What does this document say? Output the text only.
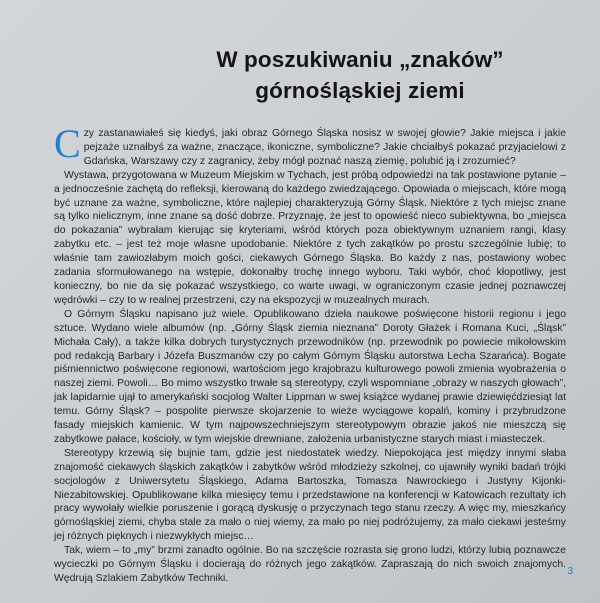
W poszukiwaniu „znaków”
górnośląskiej ziemi

Czy zastanawiałeś się kiedyś, jaki obraz Górnego Śląska nosisz w swojej głowie? Jakie miejsca i jakie pejzaże uznałbyś za ważne, znaczące, ikoniczne, symboliczne? Jakie chciałbyś pokazać przyjacielowi z Gdańska, Warszawy czy z zagranicy, żeby mógł poznać naszą ziemię, polubić ją i zrozumieć?

Wystawa, przygotowana w Muzeum Miejskim w Tychach, jest próbą odpowiedzi na tak postawione pytanie – a jednocześnie zachętą do refleksji, kierowaną do każdego zwiedzającego. Opowiada o miejscach, które mogą być uznane za ważne, symboliczne, które najlepiej charakteryzują Górny Śląsk. Niektóre z tych miejsc znane są tylko nielicznym, inne znane są dość dobrze. Przyznaję, że jest to opowieść nieco subiektywna, bo „miejsca do pokazania” wybrałam kierując się kryteriami, wśród których poza obiektywnym uznaniem rangi, klasy zabytku etc. – jest też moje własne upodobanie. Niektóre z tych zakątków po prostu szczególnie lubię; to właśnie tam zawiozłabym moich gości, ciekawych Górnego Śląska. Bo każdy z nas, postawiony wobec zadania sformułowanego na wstępie, dokonałby trochę innego wyboru. Taki wybór, choć kłopotliwy, jest konieczny, bo nie da się pokazać wszystkiego, co warte uwagi, w ograniczonym czasie jednej poznawczej wędrówki – czy to w realnej przestrzeni, czy na ekspozycji w muzealnych murach.

O Górnym Śląsku napisano już wiele. Opublikowano dzieła naukowe poświęcone historii regionu i jego sztuce. Wydano wiele albumów (np. „Górny Śląsk ziemia nieznana” Doroty Głażek i Romana Kuci, „Śląsk” Michała Cały), a także kilka dobrych turystycznych przewodników (np. przewodnik po powiecie mikołowskim pod redakcją Barbary i Józefa Buszmanów czy po całym Górnym Śląsku autorstwa Lecha Szarańca). Bogate piśmiennictwo poświęcone regionowi, wartościom jego krajobrazu kulturowego powoli zmienia wyobrażenia o naszej ziemi. Powoli… Bo mimo wszystko trwałe są stereotypy, czyli wspomniane „obrazy w naszych głowach”, jak lapidarnie ujął to amerykański socjolog Walter Lippman w swej książce wydanej prawie dziewięćdziesiąt lat temu. Górny Śląsk? – pospolite pierwsze skojarzenie to wieże wyciągowe kopalń, kominy i przybrudzone fasady miejskich kamienic. W tym najpowszechniejszym stereotypowym obrazie jakoś nie mieszczą się zabytkowe pałace, kościoły, w tym wiejskie drewniane, założenia urbanistyczne starych miast i miasteczek.

Stereotypy krzewią się bujnie tam, gdzie jest niedostatek wiedzy. Niepokojąca jest między innymi słaba znajomość ciekawych śląskich zakątków i zabytków wśród młodzieży szkolnej, co ujawniły wyniki badań trójki socjologów z Uniwersytetu Śląskiego, Adama Bartoszka, Tomasza Nawrockiego i Justyny Kijonki-Niezabitowskiej. Opublikowane kilka miesięcy temu i przedstawione na konferencji w Katowicach rezultaty ich pracy wywołały wielkie poruszenie i gorącą dyskusję o przyczynach tego stanu rzeczy. A więc my, mieszkańcy górnośląskiej ziemi, chyba stale za mało o niej wiemy, za mało po niej podróżujemy, za mało ciekawi jesteśmy jej różnych pięknych i niezwykłych miejsc…

Tak, wiem – to „my” brzmi zanadto ogólnie. Bo na szczęście rozrasta się grono ludzi, którzy lubią poznawcze wycieczki po Górnym Śląsku i docierają do różnych jego zakątków. Zapraszają do nich swoich znajomych. Wędrują Szlakiem Zabytków Techniki.

3
